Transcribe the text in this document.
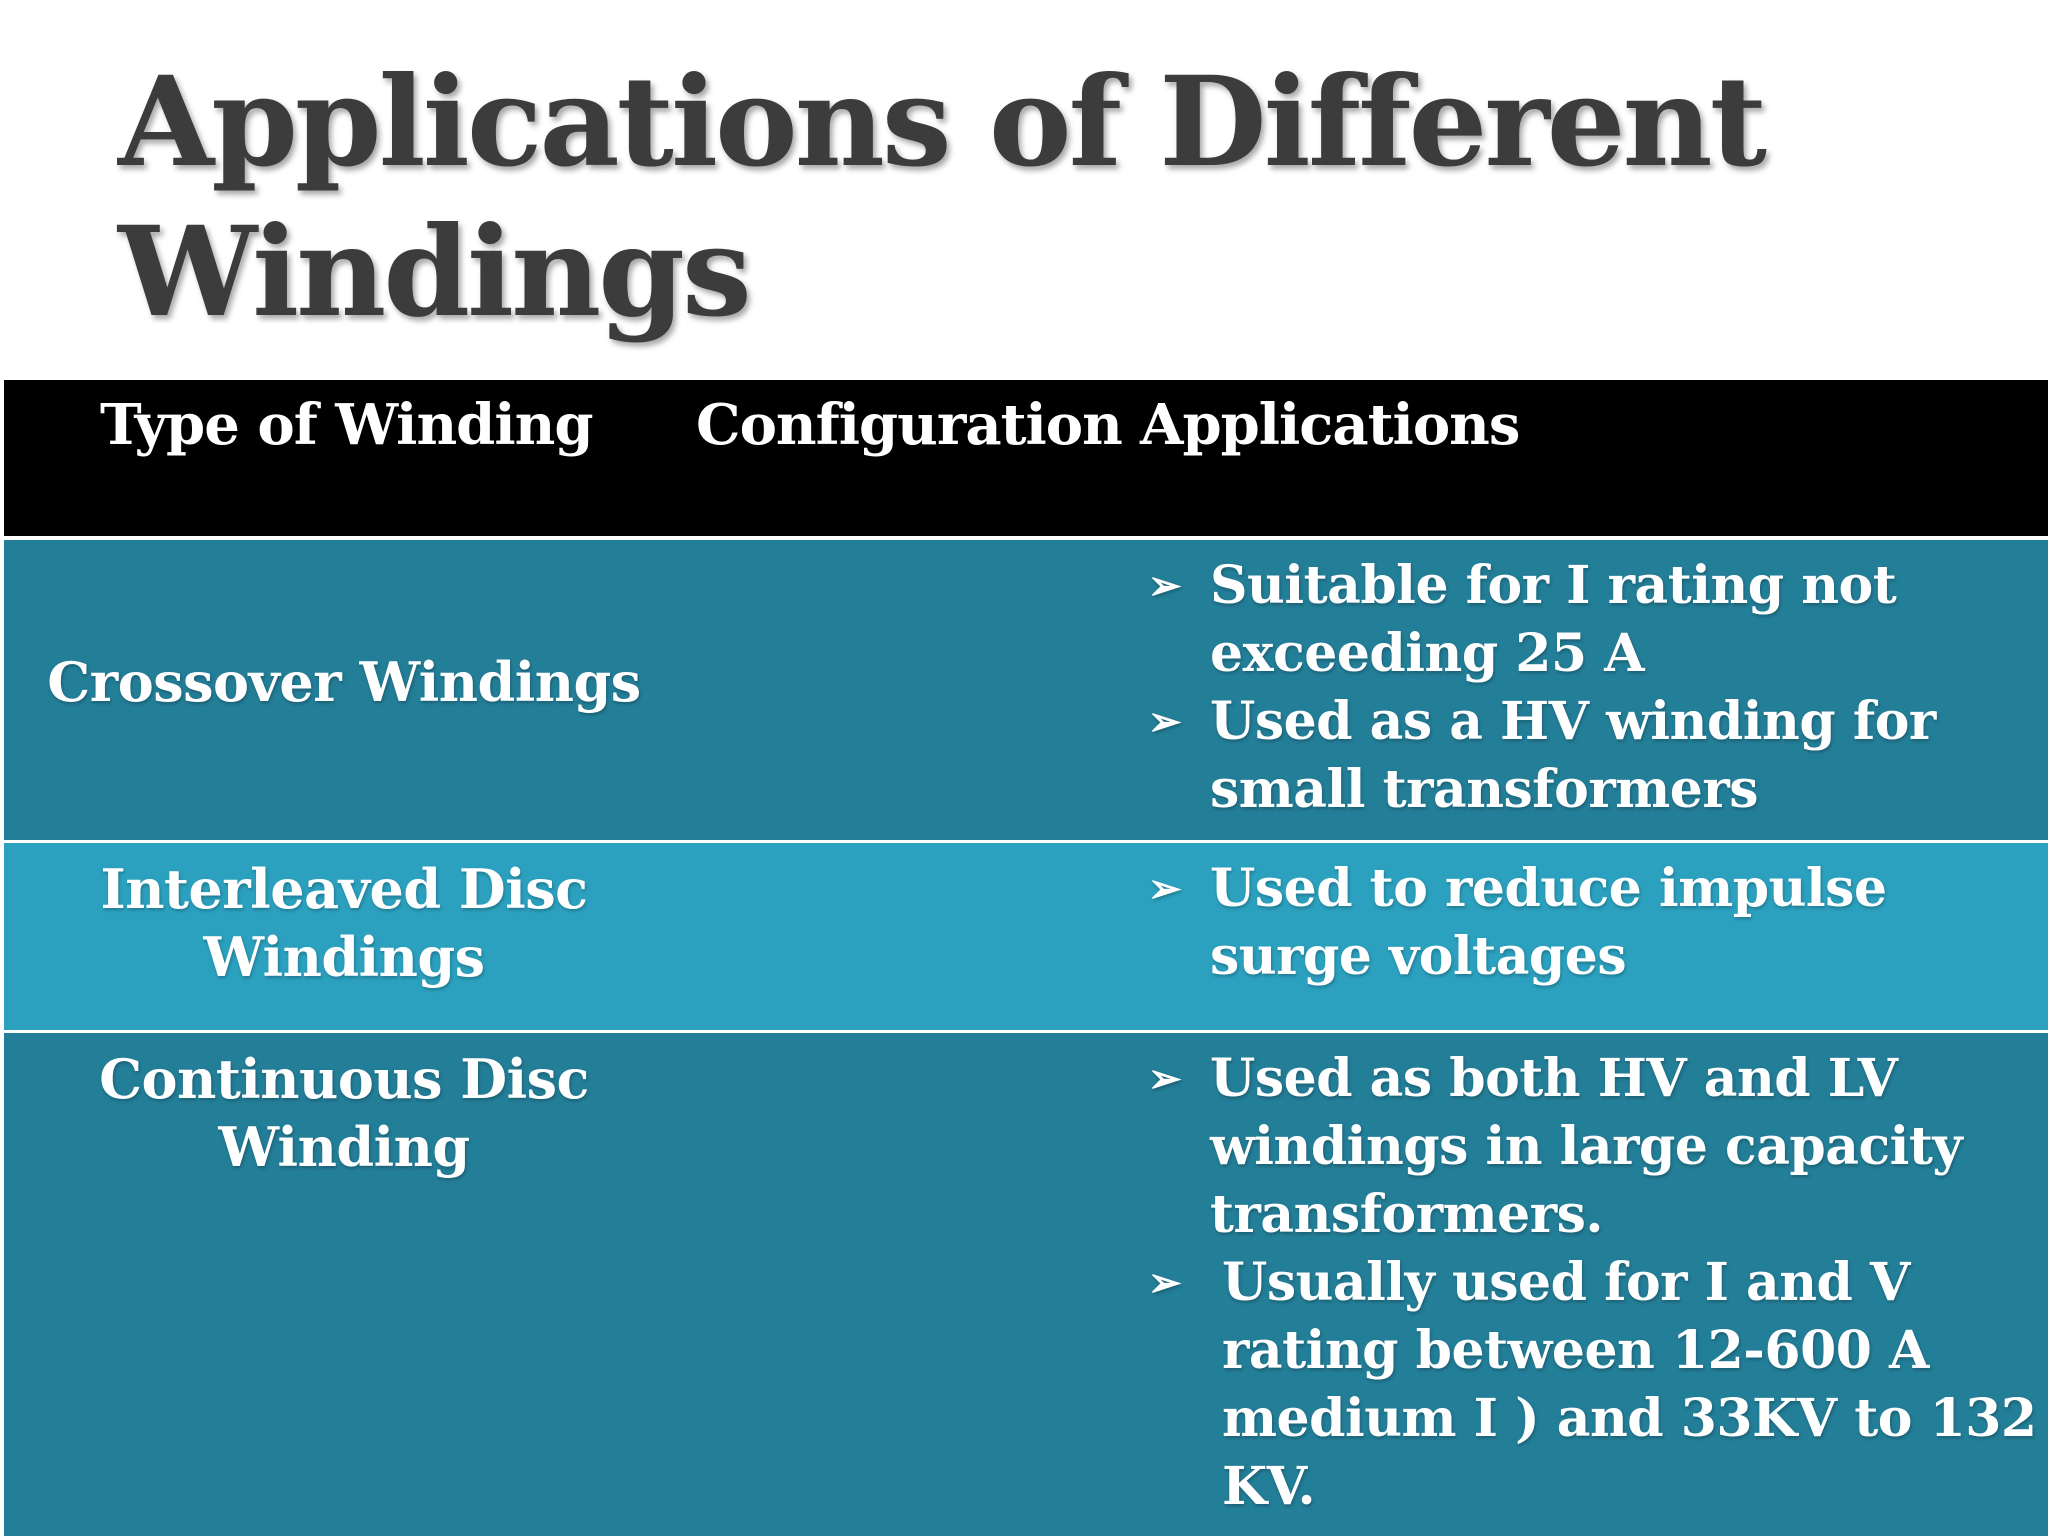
Applications of Different
Windings
Type of Winding Configuration Applications
Crossover Windings
➢ Suitable for I rating not exceeding 25 A
➢ Used as a HV winding for small transformers
Interleaved Disc
Windings
➢ Used to reduce impulse surge voltages
Continuous Disc
Winding
➢ Used as both HV and LV windings in large capacity transformers.
➢ Usually used for I and V rating between 12-600 A medium I ) and 33KV to 132 KV.
